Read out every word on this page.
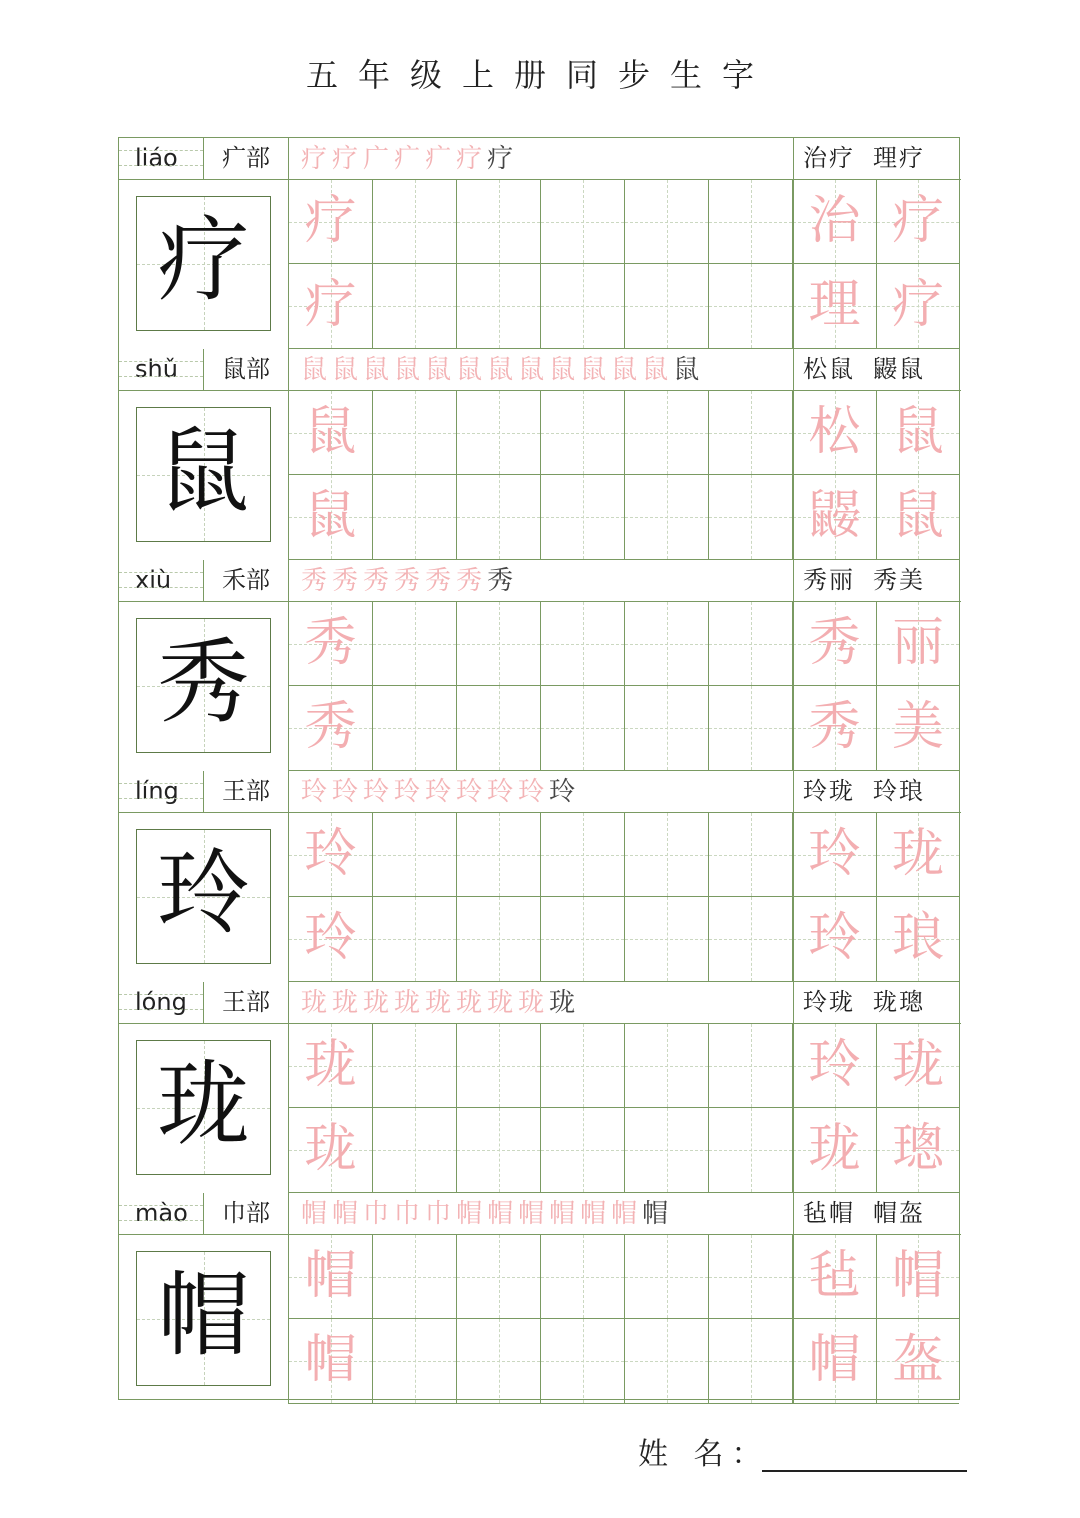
五年级上册同步生字
liáo	疒部	疗 疗 广 疒 疒 疗 疗	治疗 理疗
疗	疗	治 疗
疗	理 疗
shǔ	鼠部	鼠 鼠 鼠 鼠 鼠 鼠 鼠 鼠 鼠 鼠 鼠 鼠 鼠	松鼠 鼹鼠
鼠	鼠	松 鼠
鼠	鼹 鼠
xiù	禾部	秀 秀 秀 秀 秀 秀 秀	秀丽 秀美
秀	秀	秀 丽
秀	秀 美
líng	王部	玲 玲 玲 玲 玲 玲 玲 玲 玲	玲珑 玲琅
玲	玲	玲 珑
玲	玲 琅
lóng	王部	珑 珑 珑 珑 珑 珑 珑 珑 珑	玲珑 珑璁
珑	珑	玲 珑
珑	珑 璁
mào	巾部	帽 帽 巾 巾 巾 帽 帽 帽 帽 帽 帽 帽	毡帽 帽盔
帽	帽	毡 帽
帽	帽 盔
姓 名：
